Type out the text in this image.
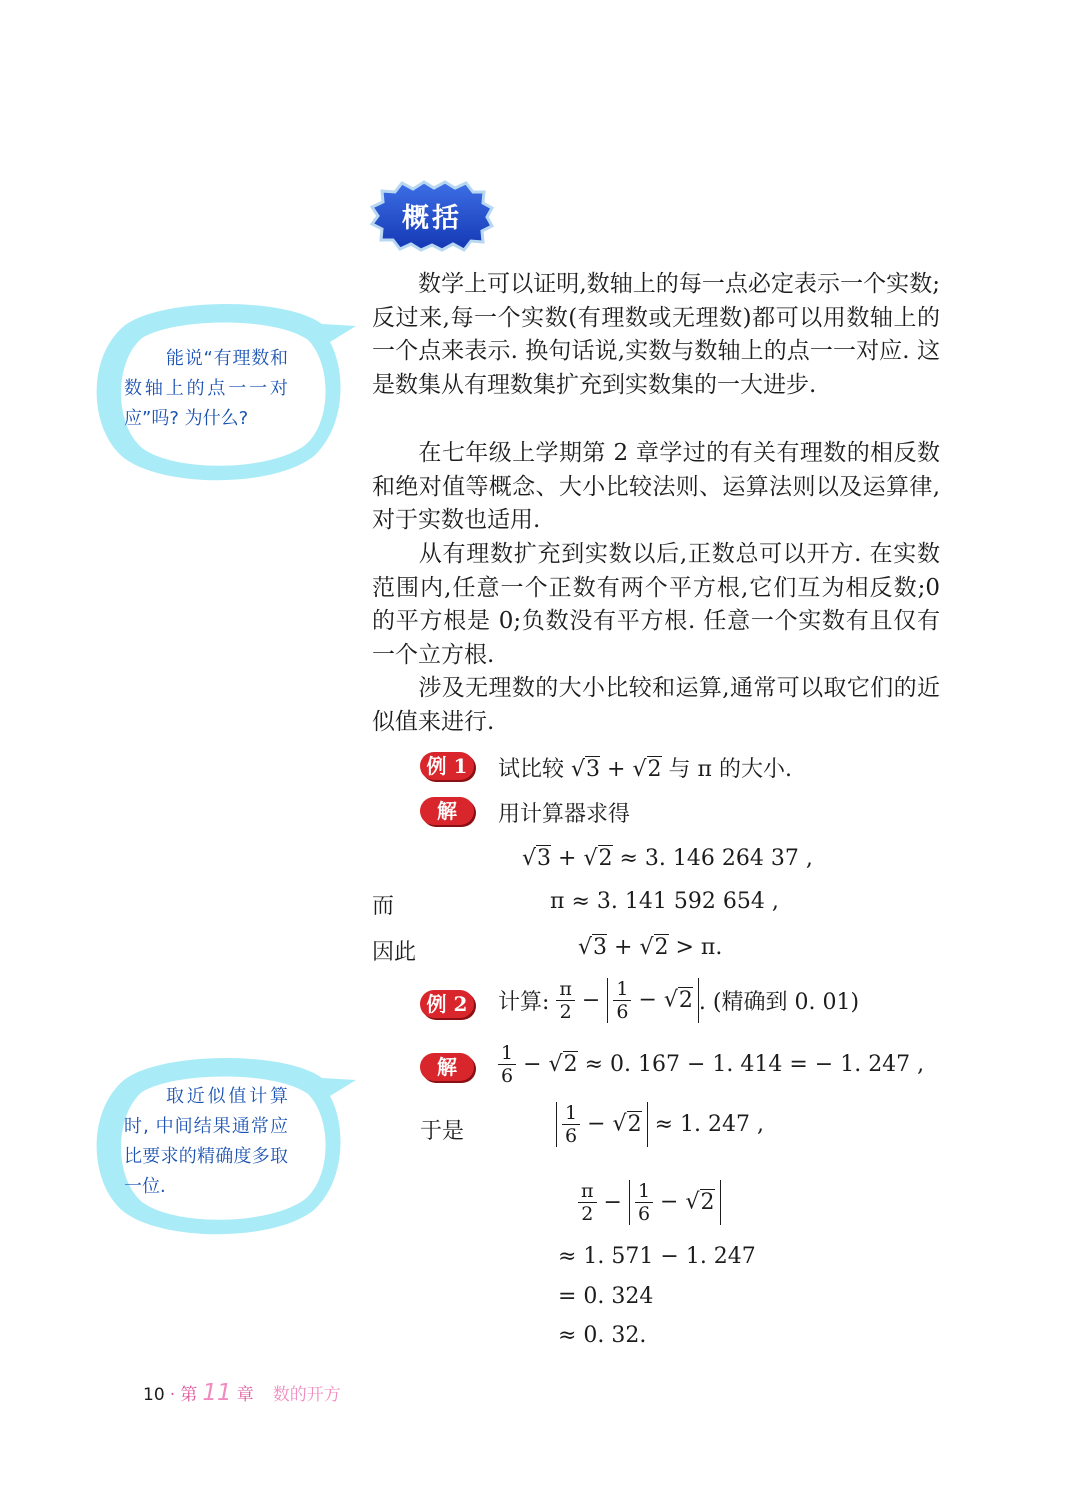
概括
能说“有理数和数轴上的点一一对应”吗? 为什么?
取近似值计算时, 中间结果通常应比要求的精确度多取一位.
数学上可以证明,数轴上的每一点必定表示一个实数;反过来,每一个实数(有理数或无理数)都可以用数轴上的一个点来表示. 换句话说,实数与数轴上的点一一对应. 这是数集从有理数集扩充到实数集的一大进步.
在七年级上学期第 2 章学过的有关有理数的相反数和绝对值等概念、大小比较法则、运算法则以及运算律,对于实数也适用.
从有理数扩充到实数以后,正数总可以开方. 在实数范围内,任意一个正数有两个平方根,它们互为相反数;0 的平方根是 0;负数没有平方根. 任意一个实数有且仅有一个立方根.
涉及无理数的大小比较和运算,通常可以取它们的近似值来进行.
例 1 试比较 √3 + √2 与 π 的大小.
解	用计算器求得
√3 + √2 ≈ 3. 146 264 37 ,
而	π ≈ 3. 141 592 654 ,
因此	√3 + √2 > π.
例 2 计算: $\frac{\pi}{2} - \frac{1}{6} - √2$ . (精确到 0. 01)
解	$\frac{1}{6} - √2 \approx 0$. 167 − 1. 414 = − 1. 247 ,
于是	$\frac{1}{6} - √2 \approx 1$. 247 ,
$\frac{\pi}{2} - \frac{1}{6} - √2$
≈ 1. 571 − 1. 247
= 0. 324
≈ 0. 32.
10 · 第 11 章 数的开方
